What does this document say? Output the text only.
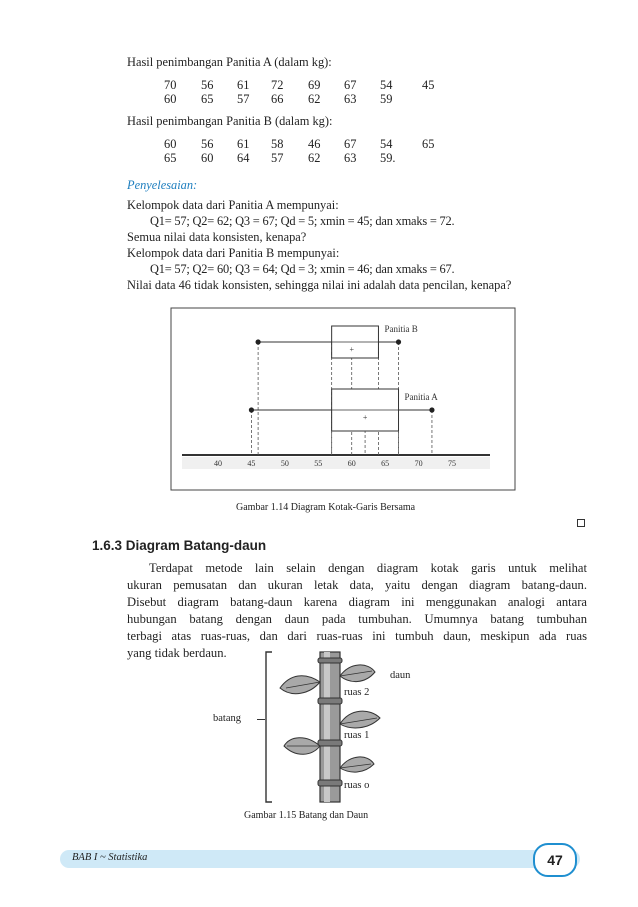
Hasil penimbangan Panitia A (dalam kg):
70	56	61	72	69	67	54	45
60	65	57	66	62	63	59
Hasil penimbangan Panitia B (dalam kg):
60	56	61	58	46	67	54	65
65	60	64	57	62	63	59.
Penyelesaian:
Kelompok data dari Panitia A mempunyai:
Q1= 57; Q2= 62; Q3 = 67; Qd = 5; xmin = 45; dan xmaks = 72.
Semua nilai data konsisten, kenapa?
Kelompok data dari Panitia B mempunyai:
Q1= 57; Q2= 60; Q3 = 64; Qd = 3; xmin = 46; dan xmaks = 67.
Nilai data 46 tidak konsisten, sehingga nilai ini adalah data pencilan, kenapa?
40	45	50	55	60	65	70	75
+
Panitia B
+
Panitia A
Gambar 1.14 Diagram Kotak-Garis Bersama
1.6.3 Diagram Batang-daun
Terdapat metode lain selain dengan diagram kotak garis untuk melihat
ukuran pemusatan dan ukuran letak data, yaitu dengan diagram batang-daun.
Disebut diagram batang-daun karena diagram ini menggunakan analogi antara
hubungan batang dengan daun pada tumbuhan. Umumnya batang tumbuhan
terbagi atas ruas-ruas, dan dari ruas-ruas ini tumbuh daun, meskipun ada ruas
yang tidak berdaun.
daun
batang
ruas 2
ruas 1
ruas o
Gambar 1.15 Batang dan Daun
BAB I ~ Statistika	47
